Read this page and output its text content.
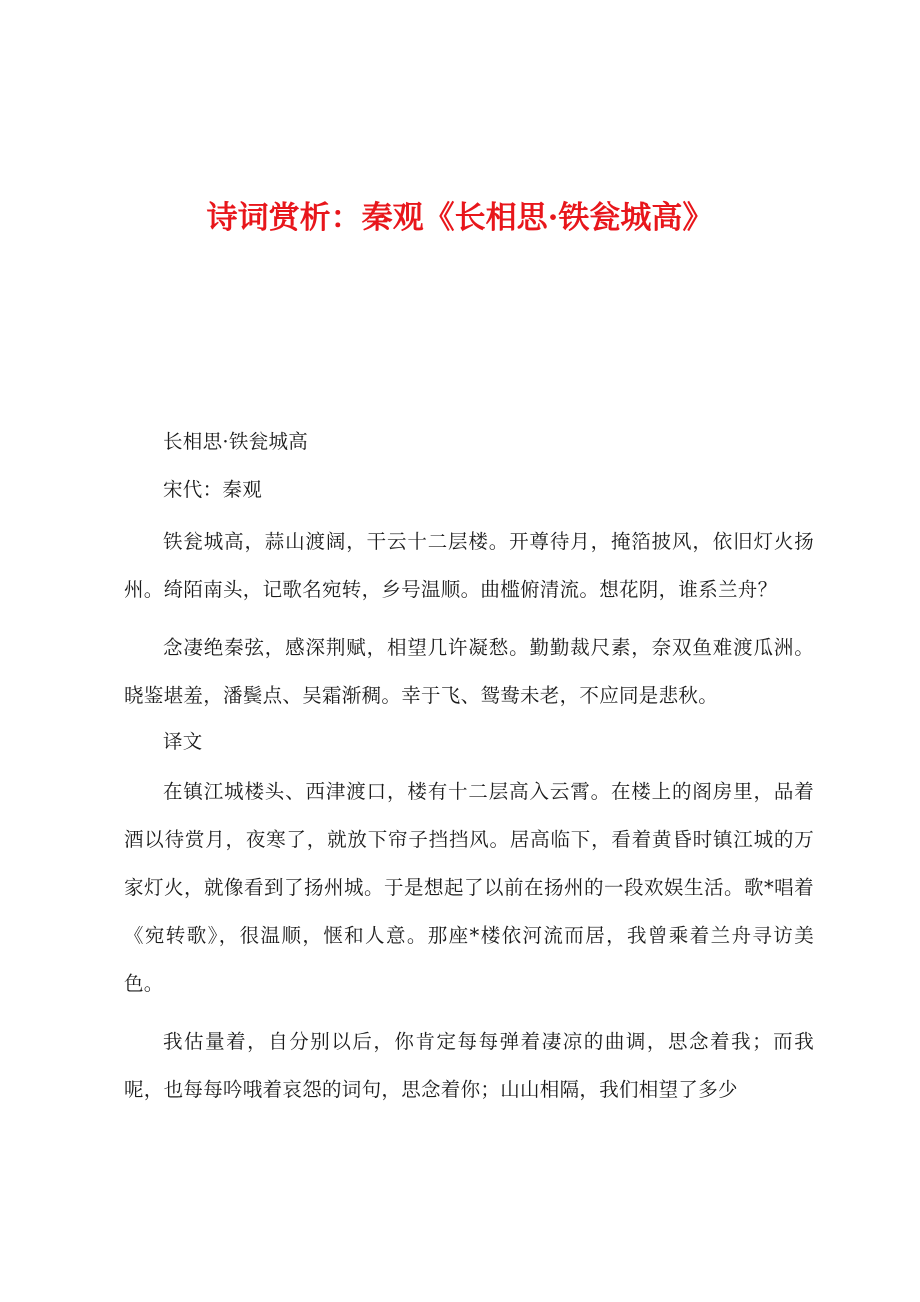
诗词赏析：秦观《长相思·铁瓮城高》

长相思·铁瓮城高

宋代：秦观

铁瓮城高，蒜山渡阔，干云十二层楼。开尊待月，掩箔披风，依旧灯火扬州。绮陌南头，记歌名宛转，乡号温顺。曲槛俯清流。想花阴，谁系兰舟？

念凄绝秦弦，感深荆赋，相望几许凝愁。勤勤裁尺素，奈双鱼难渡瓜洲。晓鉴堪羞，潘鬓点、吴霜渐稠。幸于飞、鸳鸯未老，不应同是悲秋。

译文

在镇江城楼头、西津渡口，楼有十二层高入云霄。在楼上的阁房里，品着酒以待赏月，夜寒了，就放下帘子挡挡风。居高临下，看着黄昏时镇江城的万家灯火，就像看到了扬州城。于是想起了以前在扬州的一段欢娱生活。歌*唱着《宛转歌》，很温顺，惬和人意。那座*楼依河流而居，我曾乘着兰舟寻访美色。

我估量着，自分别以后，你肯定每每弹着凄凉的曲调，思念着我；而我呢，也每每吟哦着哀怨的词句，思念着你；山山相隔，我们相望了多少
